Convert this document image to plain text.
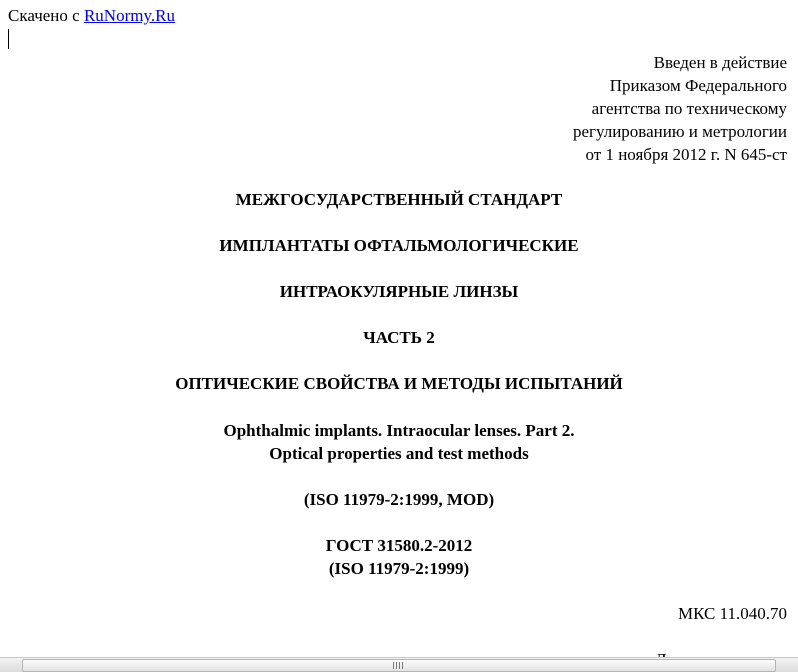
Скачено с RuNormy.Ru
Введен в действие
Приказом Федерального
агентства по техническому
регулированию и метрологии
от 1 ноября 2012 г. N 645-ст
МЕЖГОСУДАРСТВЕННЫЙ СТАНДАРТ
ИМПЛАНТАТЫ ОФТАЛЬМОЛОГИЧЕСКИЕ
ИНТРАОКУЛЯРНЫЕ ЛИНЗЫ
ЧАСТЬ 2
ОПТИЧЕСКИЕ СВОЙСТВА И МЕТОДЫ ИСПЫТАНИЙ
Ophthalmic implants. Intraocular lenses. Part 2.
Optical properties and test methods
(ISO 11979-2:1999, MOD)
ГОСТ 31580.2-2012
(ISO 11979-2:1999)
МКС 11.040.70
